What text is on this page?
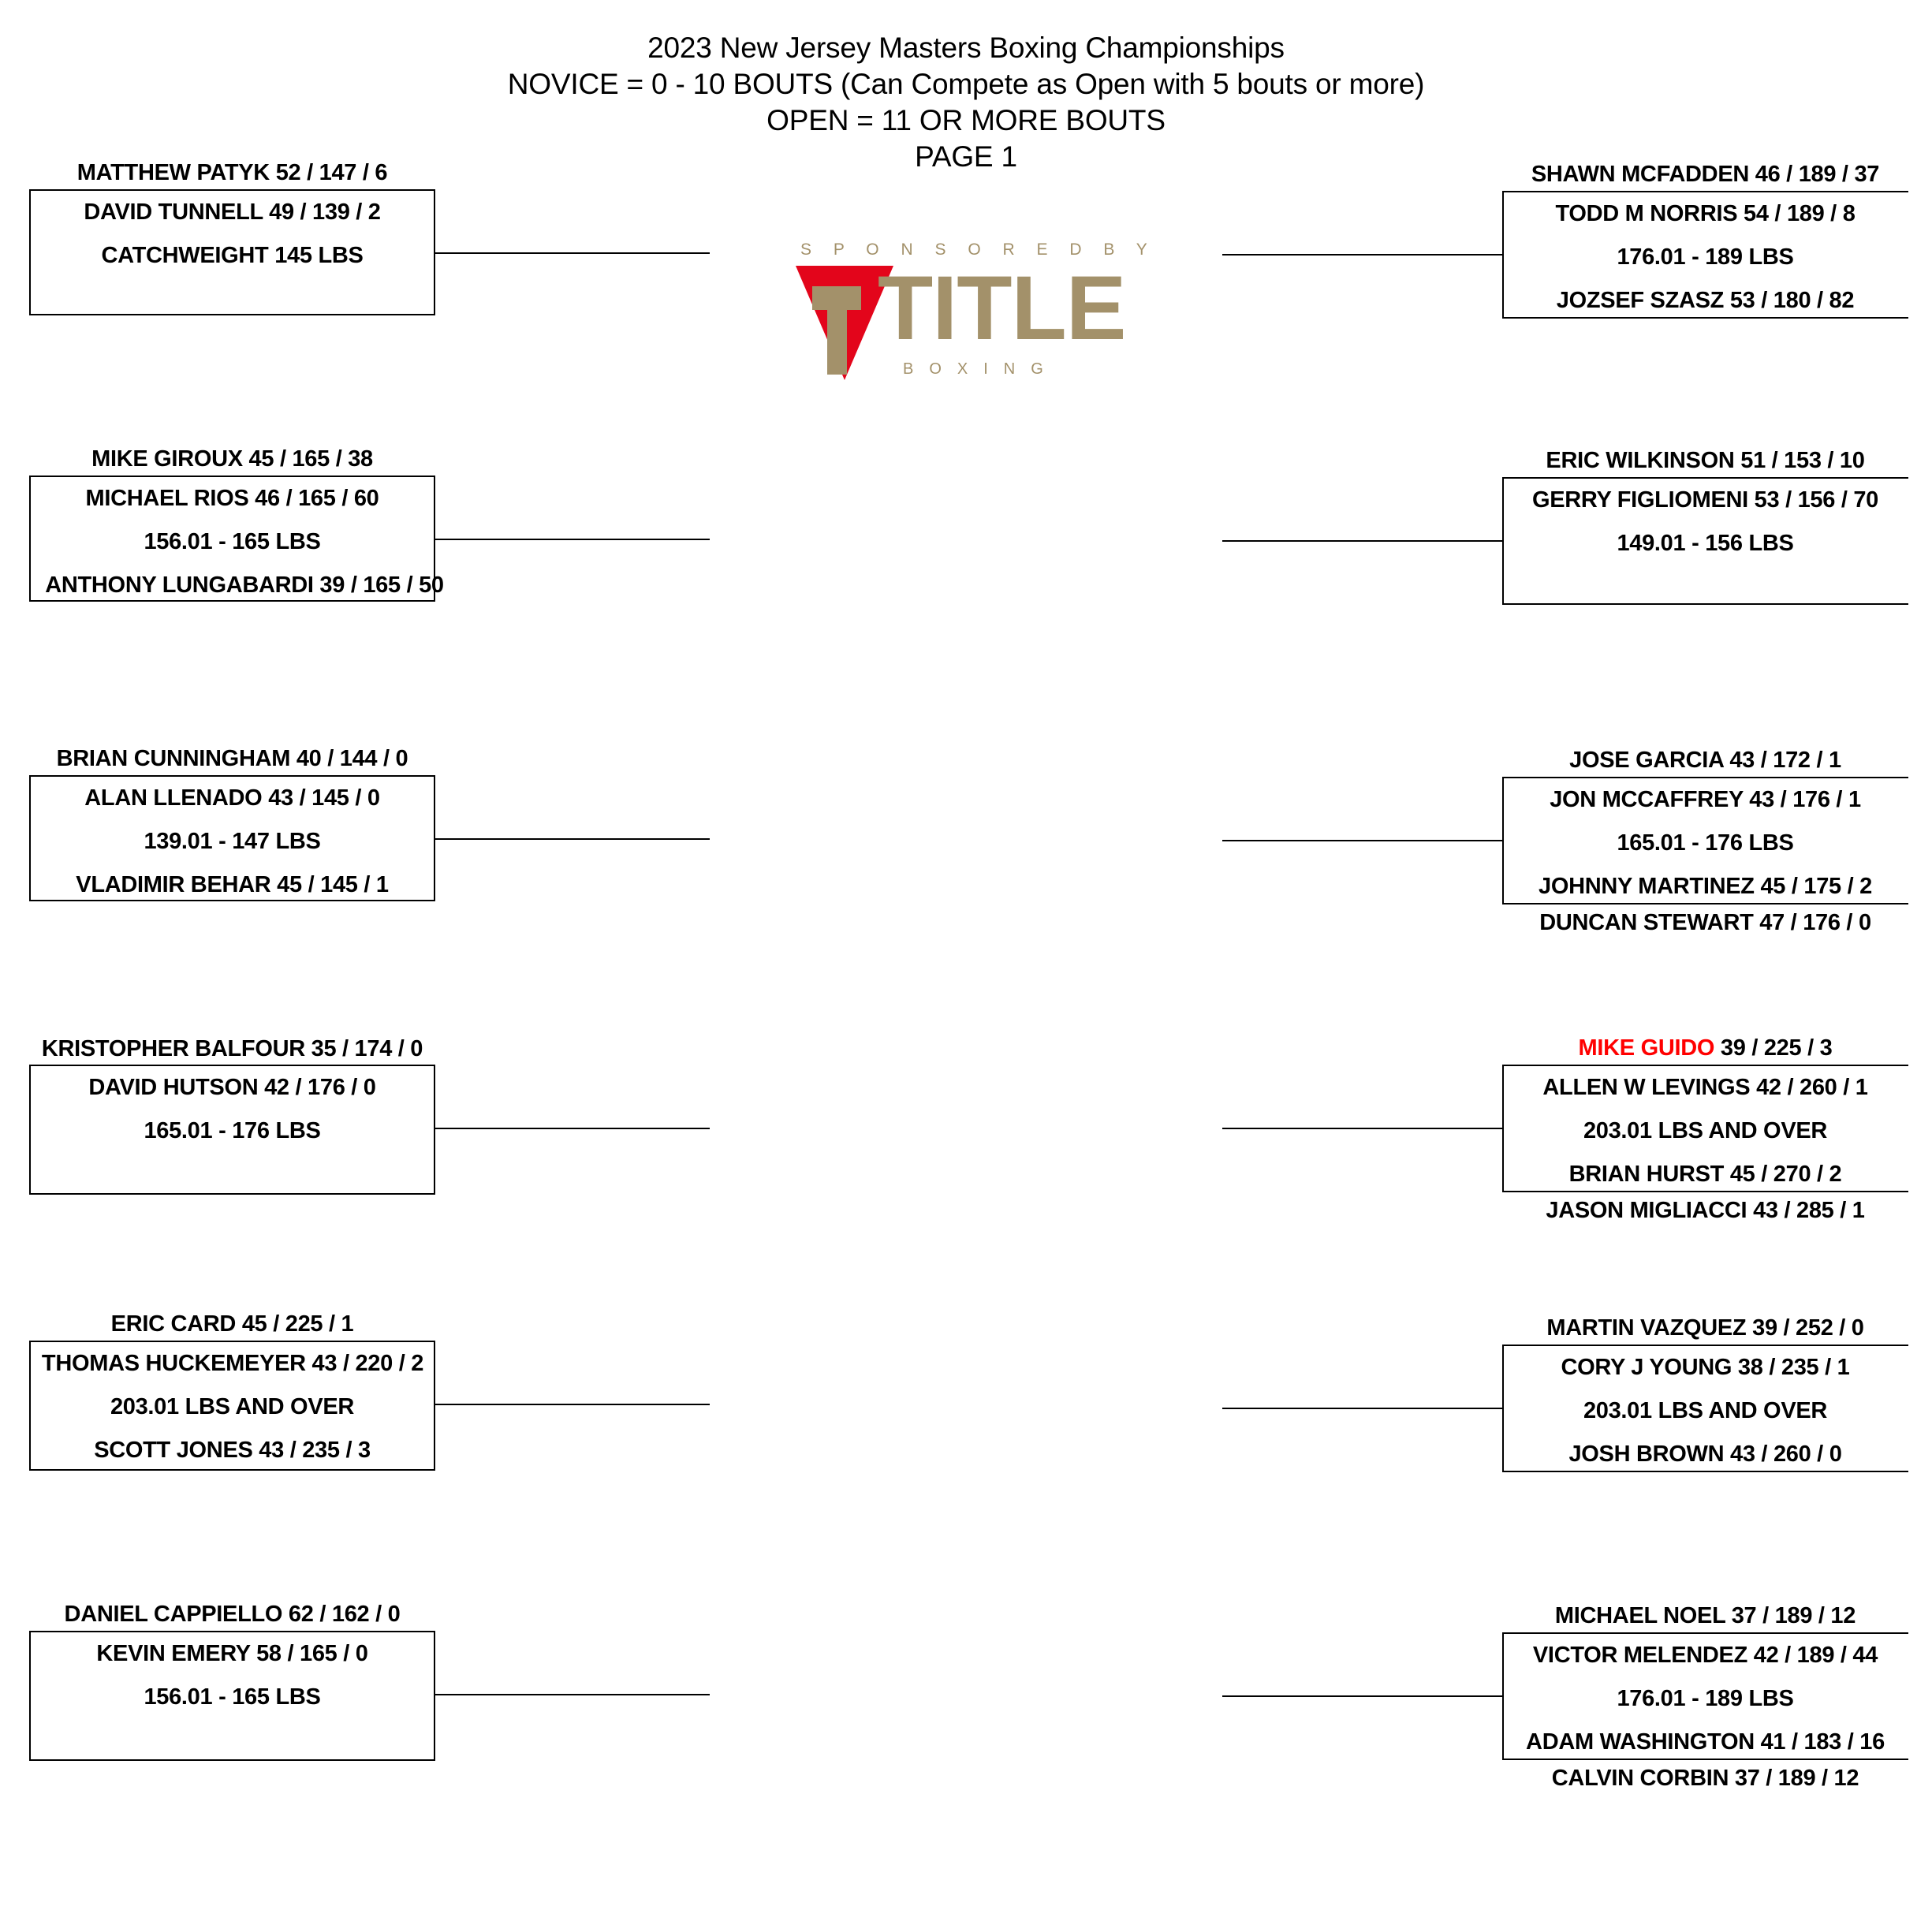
2023 New Jersey Masters Boxing Championships
NOVICE = 0 - 10 BOUTS (Can Compete as Open with 5 bouts or more)
OPEN = 11 OR MORE BOUTS
PAGE 1
S P O N S O R E D B Y
TITLE
BOXING
MATTHEW PATYK 52 / 147 / 6
DAVID TUNNELL 49 / 139 / 2
CATCHWEIGHT 145 LBS
MIKE GIROUX 45 / 165 / 38
MICHAEL RIOS 46 / 165 / 60
156.01 - 165 LBS
ANTHONY LUNGABARDI 39 / 165 / 50
BRIAN CUNNINGHAM 40 / 144 / 0
ALAN LLENADO 43 / 145 / 0
139.01 - 147 LBS
VLADIMIR BEHAR 45 / 145 / 1
KRISTOPHER BALFOUR 35 / 174 / 0
DAVID HUTSON 42 / 176 / 0
165.01 - 176 LBS
ERIC CARD 45 / 225 / 1
THOMAS HUCKEMEYER 43 / 220 / 2
203.01 LBS AND OVER
SCOTT JONES 43 / 235 / 3
DANIEL CAPPIELLO 62 / 162 / 0
KEVIN EMERY 58 / 165 / 0
156.01 - 165 LBS
SHAWN MCFADDEN 46 / 189 / 37
TODD M NORRIS 54 / 189 / 8
176.01 - 189 LBS
JOZSEF SZASZ 53 / 180 / 82
ERIC WILKINSON 51 / 153 / 10
GERRY FIGLIOMENI 53 / 156 / 70
149.01 - 156 LBS
JOSE GARCIA 43 / 172 / 1
JON MCCAFFREY 43 / 176 / 1
165.01 - 176 LBS
JOHNNY MARTINEZ 45 / 175 / 2
DUNCAN STEWART 47 / 176 / 0
MIKE GUIDO 39 / 225 / 3
ALLEN W LEVINGS 42 / 260 / 1
203.01 LBS AND OVER
BRIAN HURST 45 / 270 / 2
JASON MIGLIACCI 43 / 285 / 1
MARTIN VAZQUEZ 39 / 252 / 0
CORY J YOUNG 38 / 235 / 1
203.01 LBS AND OVER
JOSH BROWN 43 / 260 / 0
MICHAEL NOEL 37 / 189 / 12
VICTOR MELENDEZ 42 / 189 / 44
176.01 - 189 LBS
ADAM WASHINGTON 41 / 183 / 16
CALVIN CORBIN 37 / 189 / 12
